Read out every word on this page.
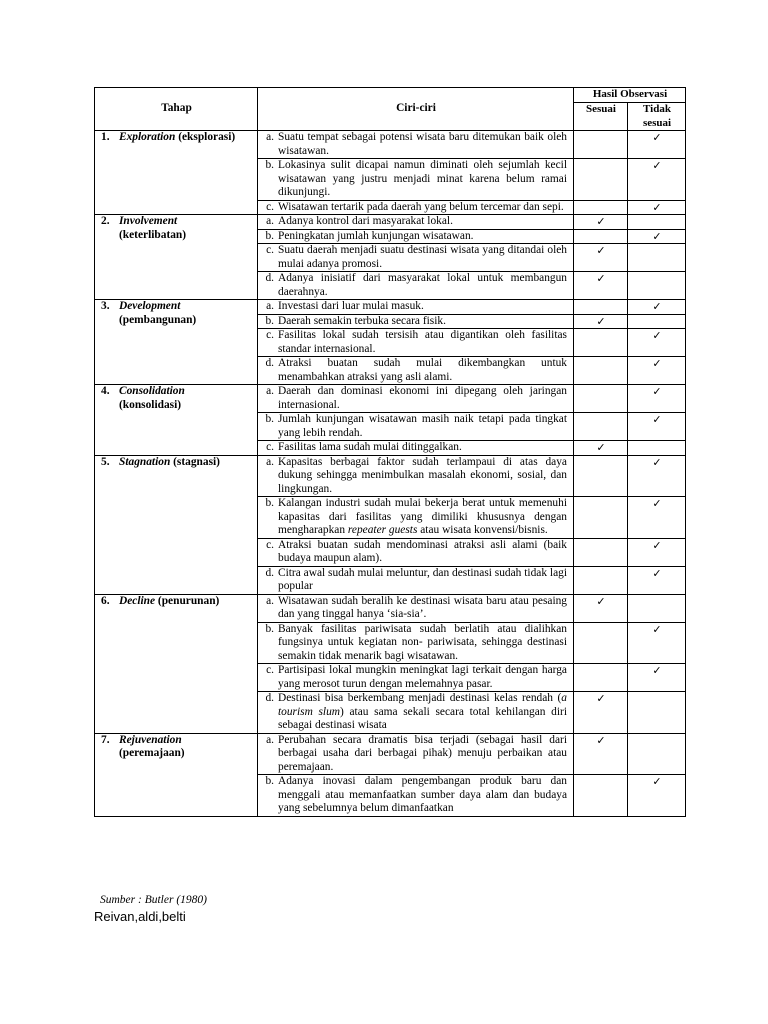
Tahap	Ciri-ciri	Hasil Observasi	
		Sesuai	Tidak sesuai
1. Exploration (eksplorasi)	a. Suatu tempat sebagai potensi wisata baru ditemukan baik oleh wisatawan.		✓

	b. Lokasinya sulit dicapai namun diminati oleh sejumlah kecil wisatawan yang justru menjadi minat karena belum ramai dikunjungi.		✓

	c. Wisatawan tertarik pada daerah yang belum tercemar dan sepi.		✓
2. Involvement
(keterlibatan)	a. Adanya kontrol dari masyarakat lokal.	✓	

	b. Peningkatan jumlah kunjungan wisatawan.		✓

	c. Suatu daerah menjadi suatu destinasi wisata yang ditandai oleh mulai adanya promosi.	✓	

	d. Adanya inisiatif dari masyarakat lokal untuk membangun daerahnya.	✓	
3. Development
(pembangunan)	a. Investasi dari luar mulai masuk.		✓

	b. Daerah semakin terbuka secara fisik.	✓	

	c. Fasilitas lokal sudah tersisih atau digantikan oleh fasilitas standar internasional.		✓

	d. Atraksi buatan sudah mulai dikembangkan untuk menambahkan atraksi yang asli alami.		✓
4. Consolidation
(konsolidasi)	a. Daerah dan dominasi ekonomi ini dipegang oleh jaringan internasional.		✓

	b. Jumlah kunjungan wisatawan masih naik tetapi pada tingkat yang lebih rendah.		✓

	c. Fasilitas lama sudah mulai ditinggalkan.	✓	
5. Stagnation (stagnasi)	a. Kapasitas berbagai faktor sudah terlampaui di atas daya dukung sehingga menimbulkan masalah ekonomi, sosial, dan lingkungan.		✓

	b. Kalangan industri sudah mulai bekerja berat untuk memenuhi kapasitas dari fasilitas yang dimiliki khususnya dengan mengharapkan repeater guests atau wisata konvensi/bisnis.		✓

	c. Atraksi buatan sudah mendominasi atraksi asli alami (baik budaya maupun alam).		✓

	d. Citra awal sudah mulai meluntur, dan destinasi sudah tidak lagi popular		✓
6. Decline (penurunan)	a. Wisatawan sudah beralih ke destinasi wisata baru atau pesaing dan yang tinggal hanya ‘sia-sia’.	✓	

	b. Banyak fasilitas pariwisata sudah berlatih atau dialihkan fungsinya untuk kegiatan non- pariwisata, sehingga destinasi semakin tidak menarik bagi wisatawan.		✓

	c. Partisipasi lokal mungkin meningkat lagi terkait dengan harga yang merosot turun dengan melemahnya pasar.		✓

	d. Destinasi bisa berkembang menjadi destinasi kelas rendah (a tourism slum) atau sama sekali secara total kehilangan diri sebagai destinasi wisata	✓	
7. Rejuvenation
(peremajaan)	a. Perubahan secara dramatis bisa terjadi (sebagai hasil dari berbagai usaha dari berbagai pihak) menuju perbaikan atau peremajaan.	✓	

	b. Adanya inovasi dalam pengembangan produk baru dan menggali atau memanfaatkan sumber daya alam dan budaya yang sebelumnya belum dimanfaatkan		✓
Sumber : Butler (1980)
Reivan,aldi,belti
